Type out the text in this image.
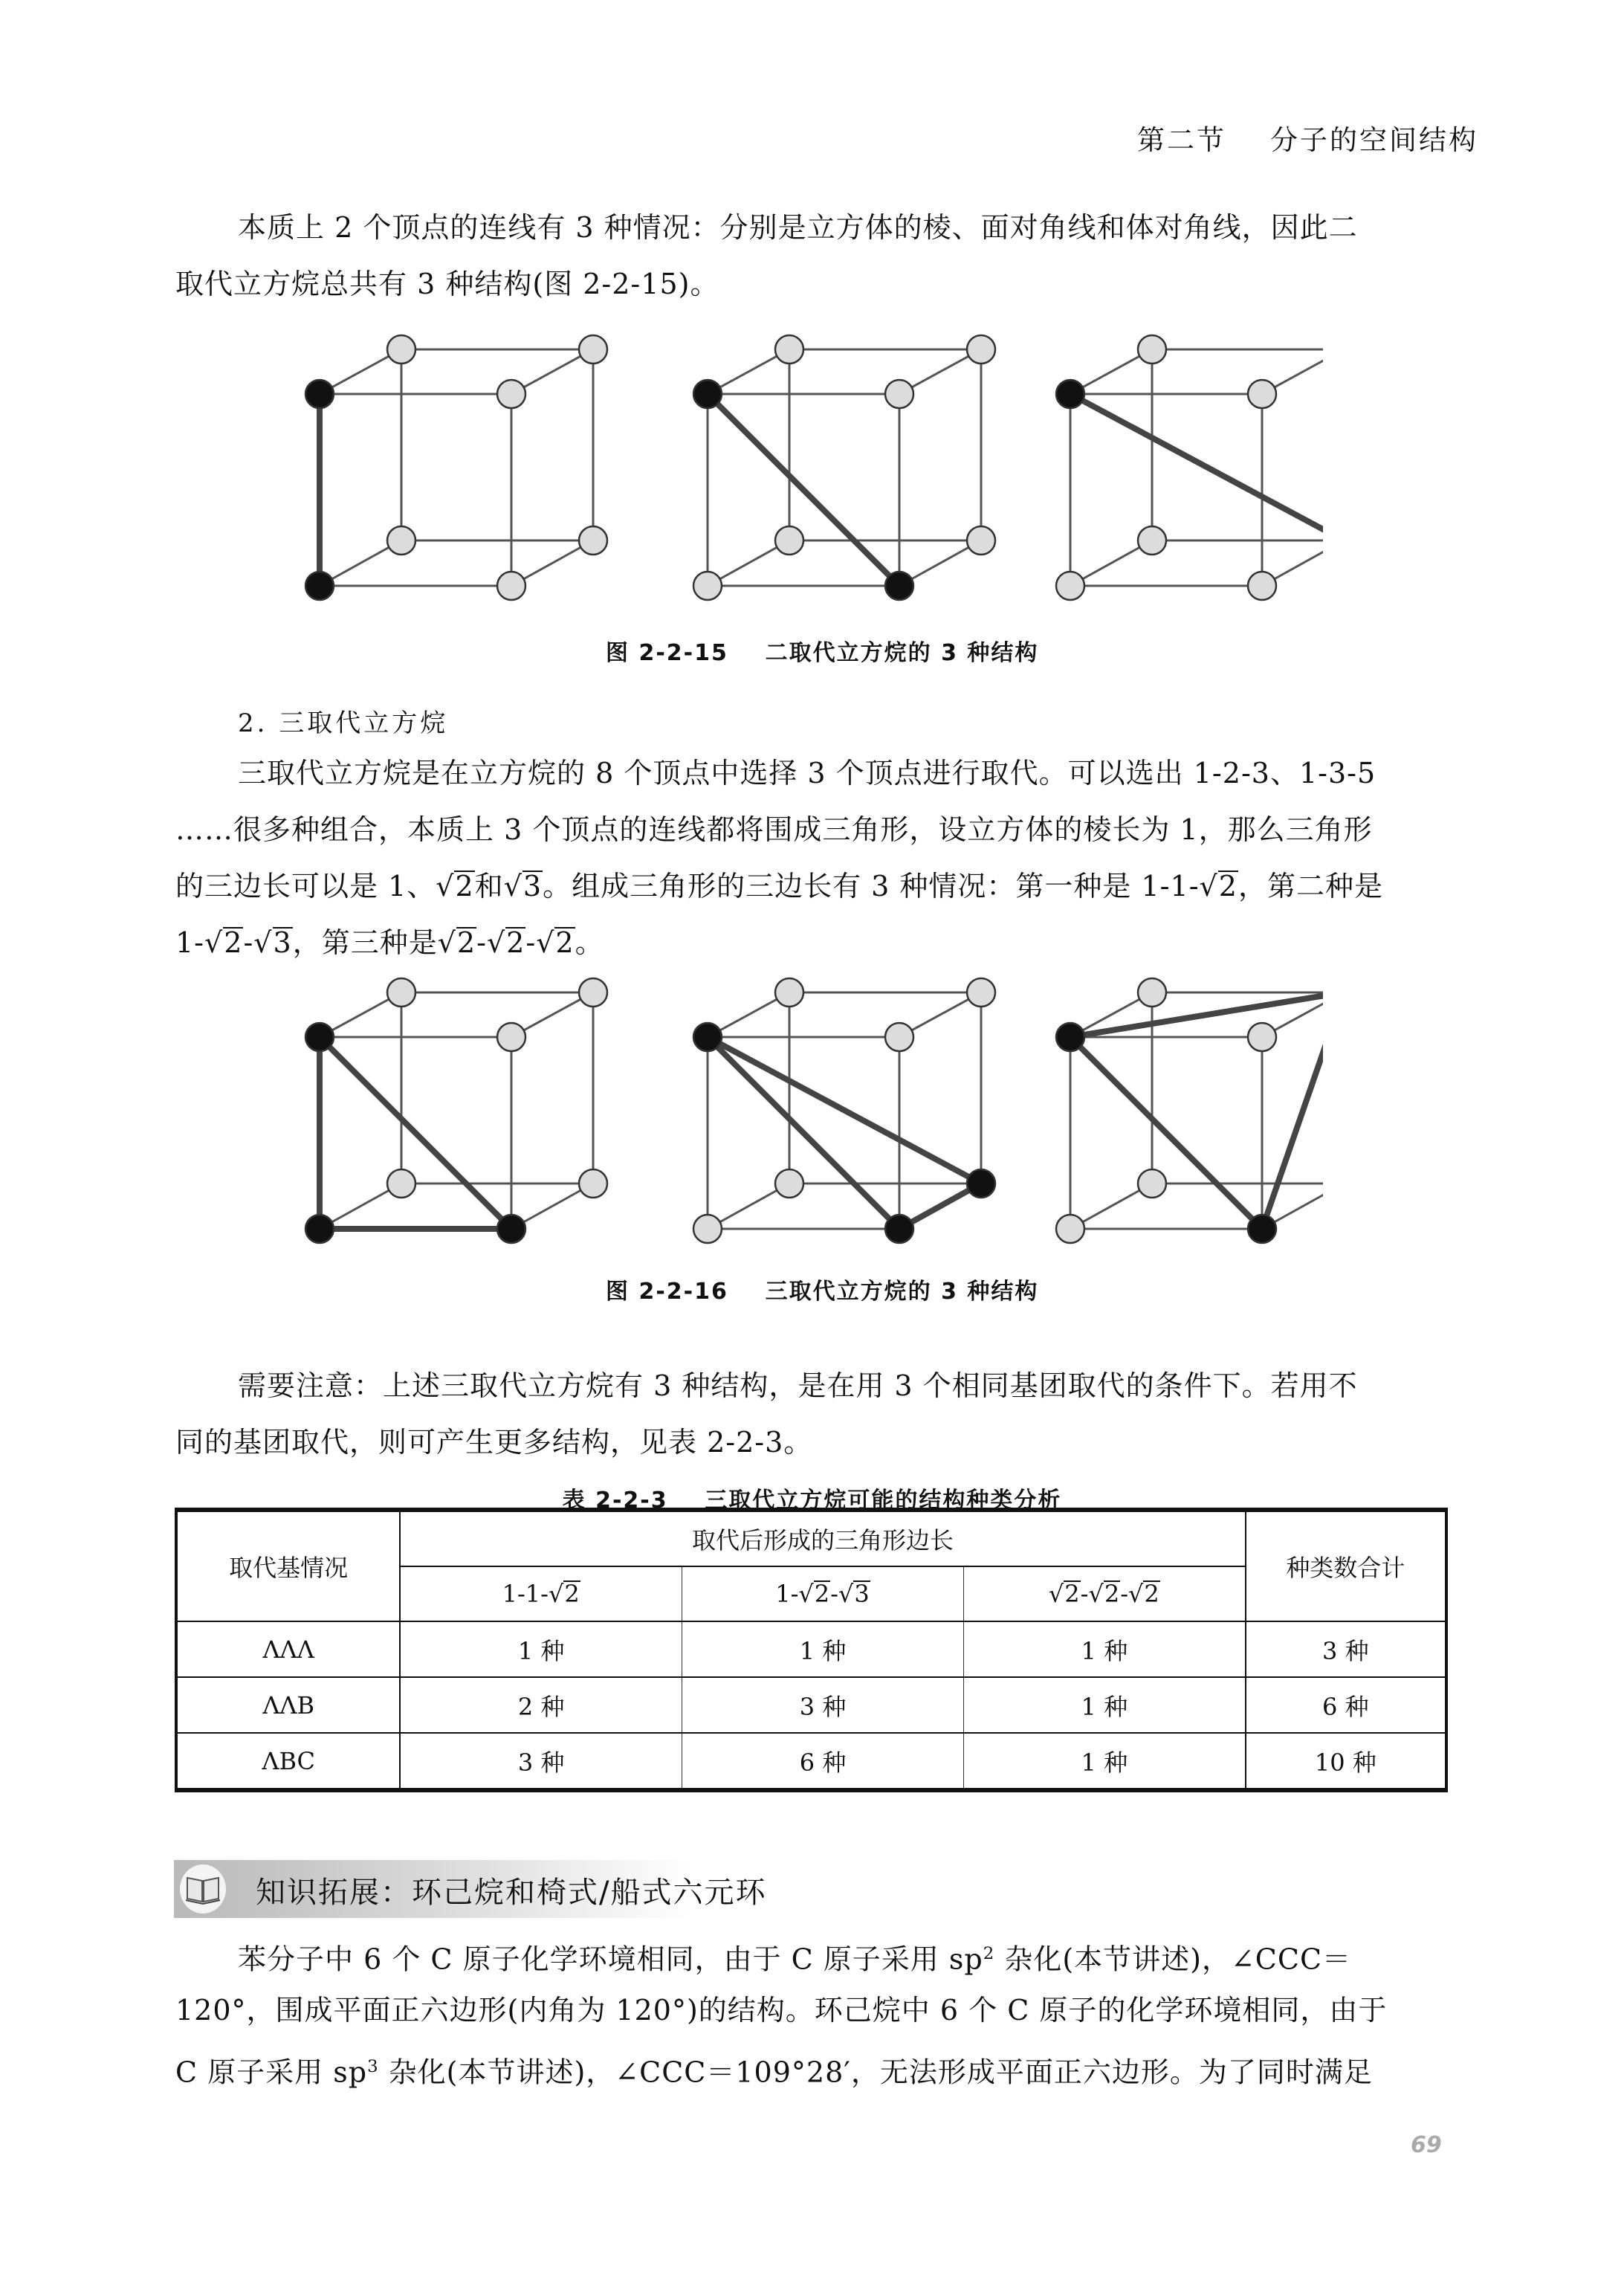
第二节    分子的空间结构
本质上 2 个顶点的连线有 3 种情况：分别是立方体的棱、面对角线和体对角线，因此二
取代立方烷总共有 3 种结构(图 2-2-15)。
图 2-2-15    二取代立方烷的 3 种结构
2. 三取代立方烷
三取代立方烷是在立方烷的 8 个顶点中选择 3 个顶点进行取代。可以选出 1-2-3、1-3-5
……很多种组合，本质上 3 个顶点的连线都将围成三角形，设立方体的棱长为 1，那么三角形
的三边长可以是 1、√2和√3。组成三角形的三边长有 3 种情况：第一种是 1-1-√2，第二种是
1-√2-√3，第三种是√2-√2-√2。
图 2-2-16    三取代立方烷的 3 种结构
需要注意：上述三取代立方烷有 3 种结构，是在用 3 个相同基团取代的条件下。若用不
同的基团取代，则可产生更多结构，见表 2-2-3。
表 2-2-3    三取代立方烷可能的结构种类分析
取代基情况	取代后形成的三角形边长			种类数合计
	1-1-√2	1-√2-√3	√2-√2-√2	
ΛΛΛ	1 种	1 种	1 种	3 种
ΛΛB	2 种	3 种	1 种	6 种
ΛBC	3 种	6 种	1 种	10 种
知识拓展：环己烷和椅式/船式六元环
苯分子中 6 个 C 原子化学环境相同，由于 C 原子采用 $sp^2$ 杂化(本节讲述)，∠CCC＝
120°，围成平面正六边形(内角为 120°)的结构。环己烷中 6 个 C 原子的化学环境相同，由于
C 原子采用 $sp^3$ 杂化(本节讲述)，∠CCC＝109°28′，无法形成平面正六边形。为了同时满足
69
